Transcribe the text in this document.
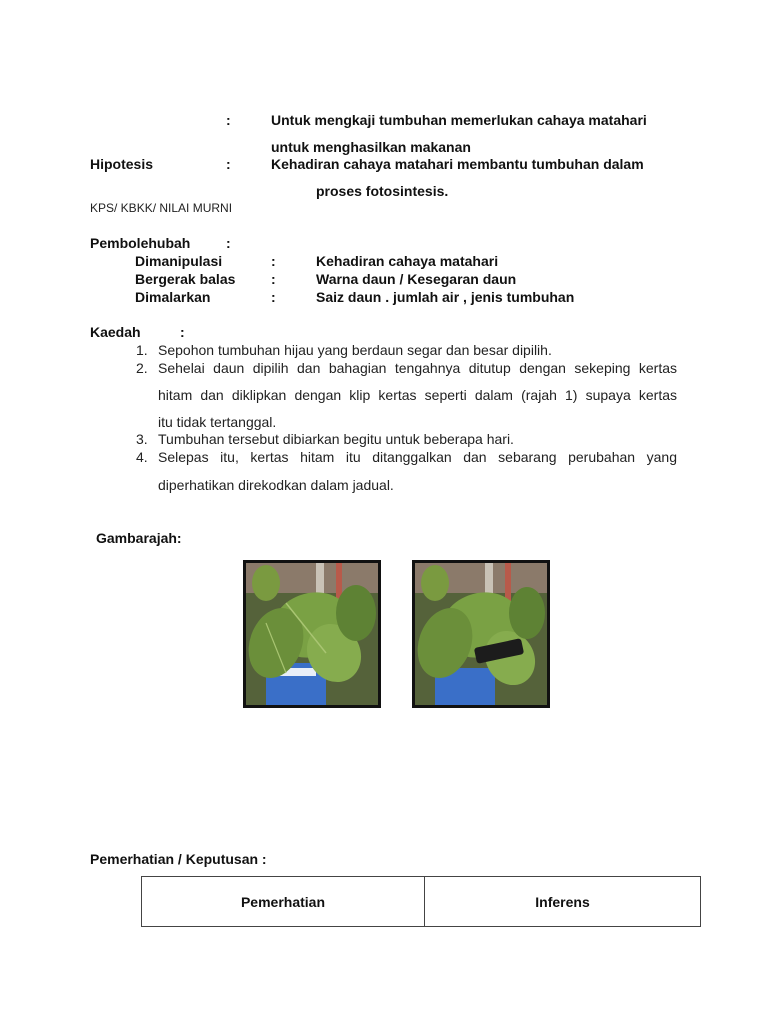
:	Untuk mengkaji tumbuhan memerlukan cahaya matahari
untuk menghasilkan makanan
Hipotesis	:	Kehadiran cahaya matahari membantu tumbuhan dalam
proses fotosintesis.
KPS/ KBKK/ NILAI MURNI
Pembolehubah	:
Dimanipulasi	:	Kehadiran cahaya matahari
Bergerak balas	:	Warna daun / Kesegaran daun
Dimalarkan	:	Saiz daun . jumlah air , jenis tumbuhan
Kaedah	:
1. Sepohon tumbuhan hijau yang berdaun segar dan besar dipilih.
2. Sehelai daun dipilih dan bahagian tengahnya ditutup dengan sekeping kertas
hitam dan diklipkan dengan klip kertas seperti dalam (rajah 1) supaya kertas
itu tidak tertanggal.
3. Tumbuhan tersebut dibiarkan begitu untuk beberapa hari.
4. Selepas itu, kertas hitam itu ditanggalkan dan sebarang perubahan yang
diperhatikan direkodkan dalam jadual.
Gambarajah:
Pemerhatian / Keputusan :
Pemerhatian	Inferens
